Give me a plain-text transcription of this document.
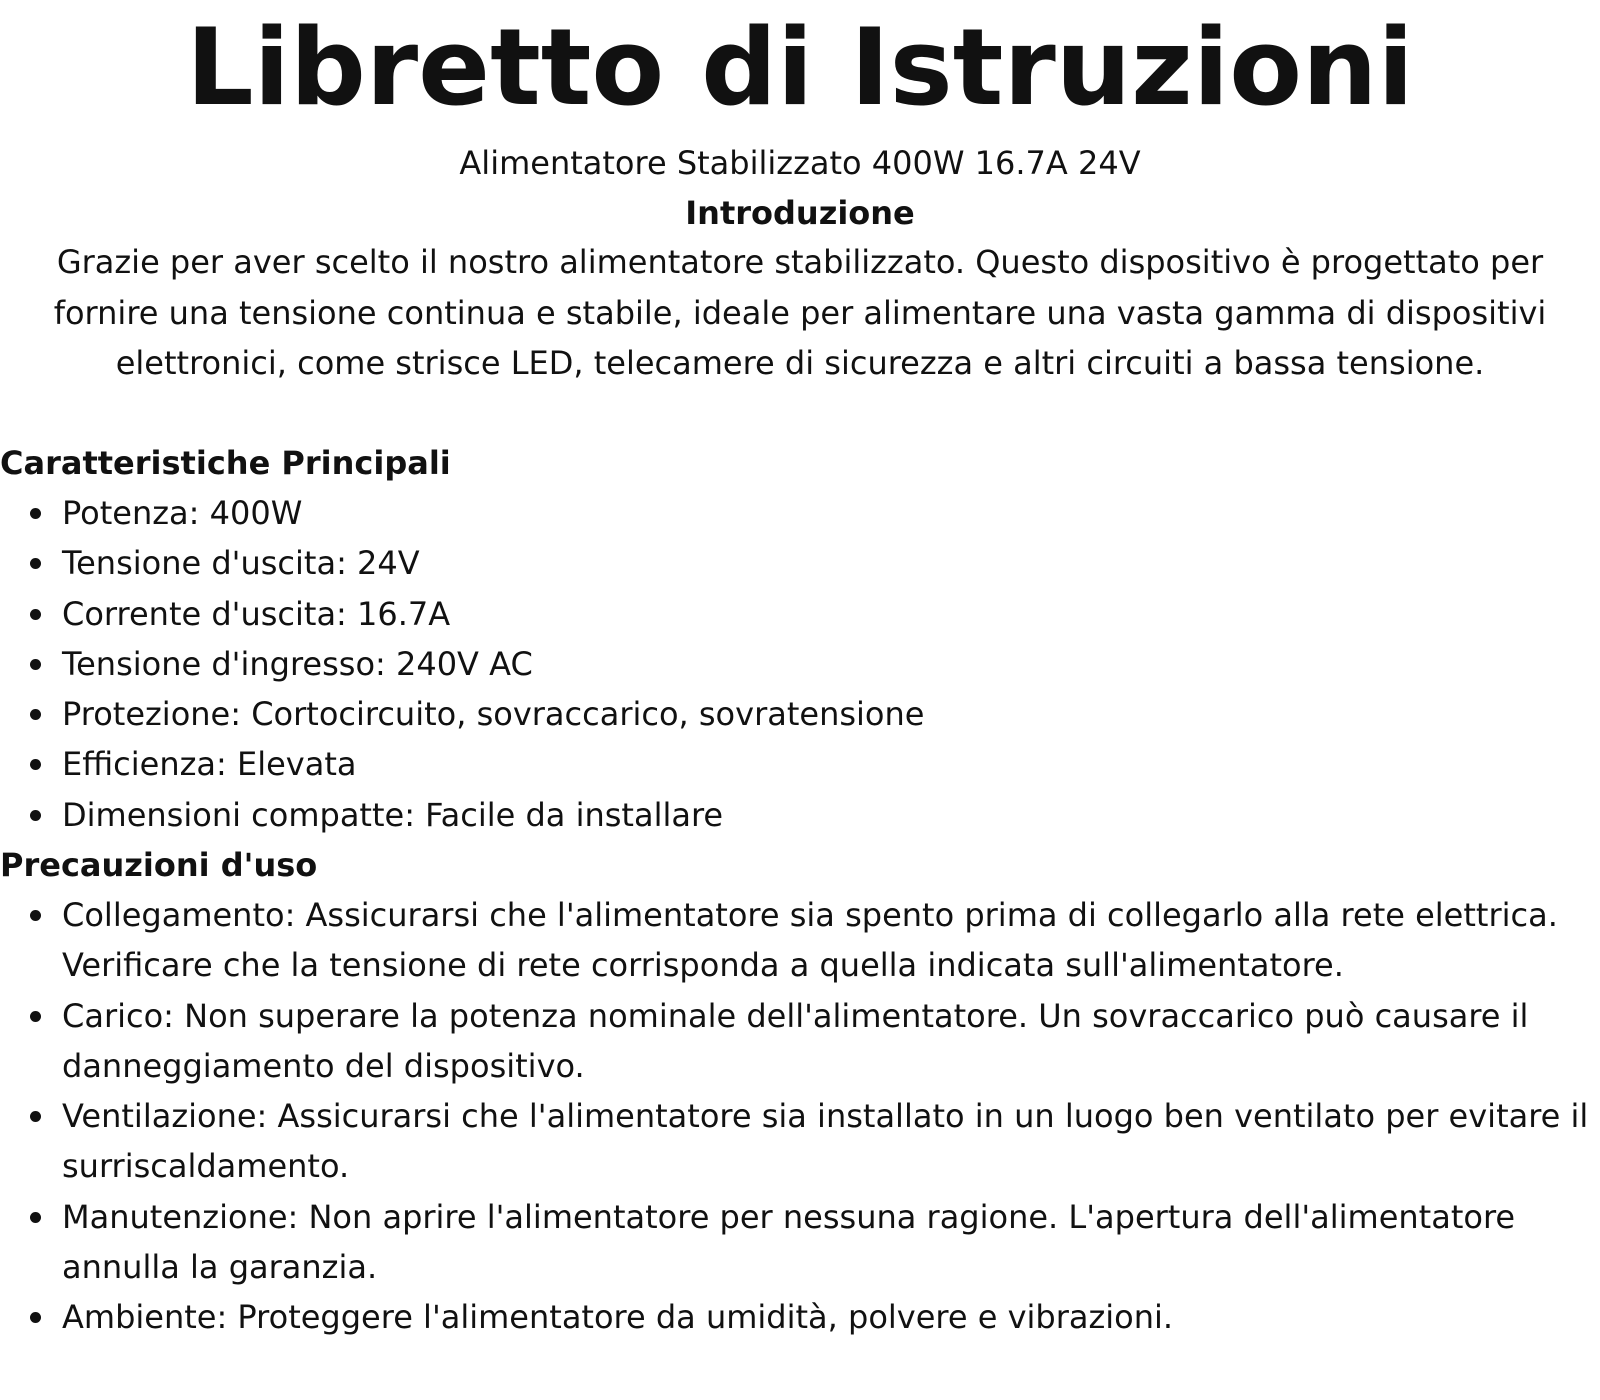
Libretto di Istruzioni
Alimentatore Stabilizzato 400W 16.7A 24V
Introduzione

Grazie per aver scelto il nostro alimentatore stabilizzato. Questo dispositivo è progettato per fornire una tensione continua e stabile, ideale per alimentare una vasta gamma di dispositivi elettronici, come strisce LED, telecamere di sicurezza e altri circuiti a bassa tensione.

Caratteristiche Principali
Potenza: 400W
Tensione d'uscita: 24V
Corrente d'uscita: 16.7A
Tensione d'ingresso: 240V AC
Protezione: Cortocircuito, sovraccarico, sovratensione
Efficienza: Elevata
Dimensioni compatte: Facile da installare
Precauzioni d'uso
Collegamento: Assicurarsi che l'alimentatore sia spento prima di collegarlo alla rete elettrica. Verificare che la tensione di rete corrisponda a quella indicata sull'alimentatore.
Carico: Non superare la potenza nominale dell'alimentatore. Un sovraccarico può causare il danneggiamento del dispositivo.
Ventilazione: Assicurarsi che l'alimentatore sia installato in un luogo ben ventilato per evitare il surriscaldamento.
Manutenzione: Non aprire l'alimentatore per nessuna ragione. L'apertura dell'alimentatore annulla la garanzia.
Ambiente: Proteggere l'alimentatore da umidità, polvere e vibrazioni.
